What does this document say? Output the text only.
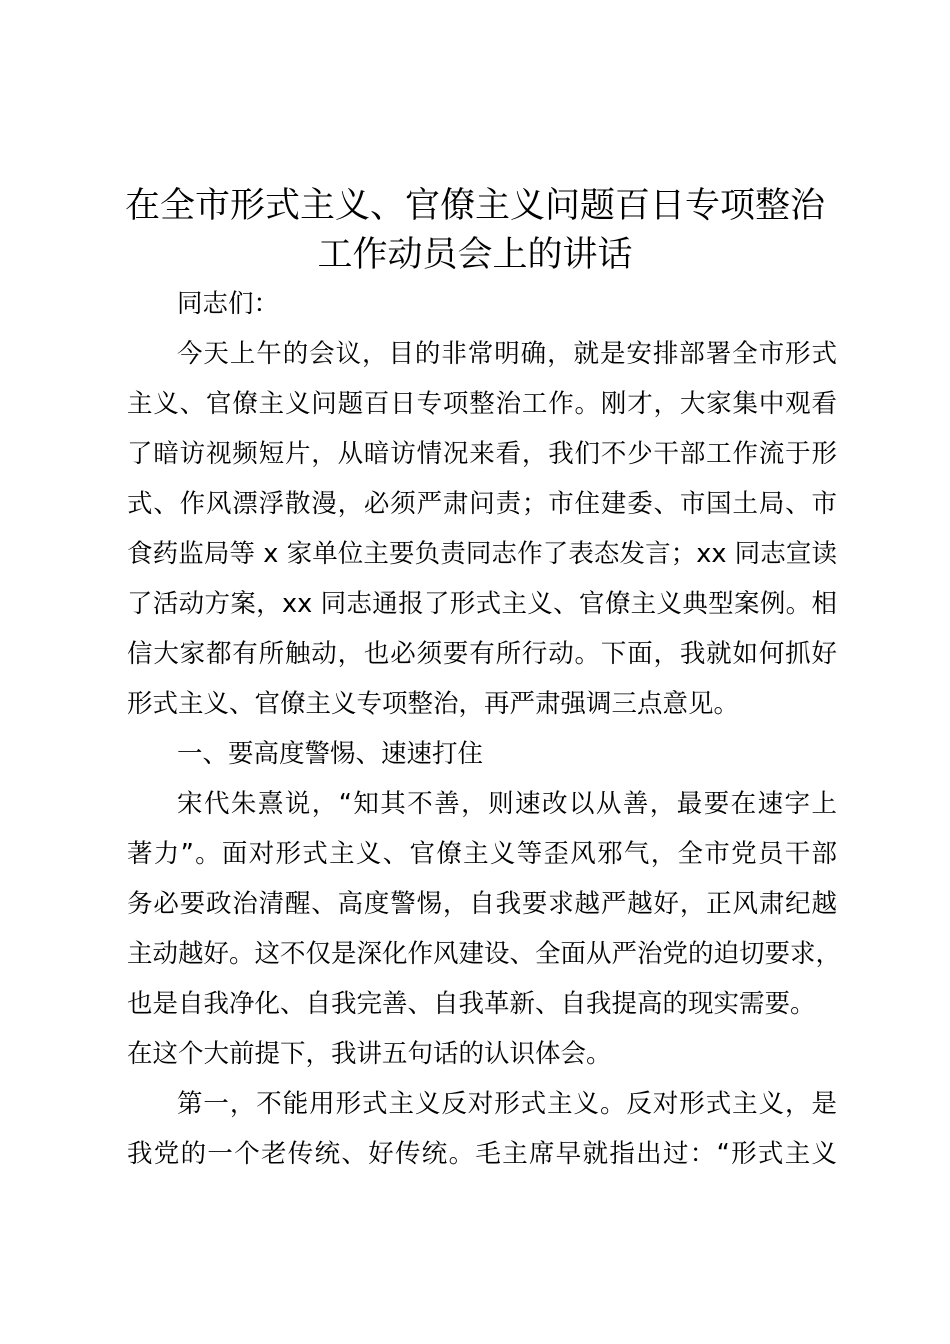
在全市形式主义、官僚主义问题百日专项整治
工作动员会上的讲话

同志们：

今天上午的会议，目的非常明确，就是安排部署全市形式

主义、官僚主义问题百日专项整治工作。刚才，大家集中观看

了暗访视频短片，从暗访情况来看，我们不少干部工作流于形

式、作风漂浮散漫，必须严肃问责；市住建委、市国土局、市

食药监局等 x 家单位主要负责同志作了表态发言；xx 同志宣读

了活动方案，xx 同志通报了形式主义、官僚主义典型案例。相

信大家都有所触动，也必须要有所行动。下面，我就如何抓好

形式主义、官僚主义专项整治，再严肃强调三点意见。

一、要高度警惕、速速打住

宋代朱熹说，“知其不善，则速改以从善，最要在速字上

著力”。面对形式主义、官僚主义等歪风邪气，全市党员干部

务必要政治清醒、高度警惕，自我要求越严越好，正风肃纪越

主动越好。这不仅是深化作风建设、全面从严治党的迫切要求，

也是自我净化、自我完善、自我革新、自我提高的现实需要。

在这个大前提下，我讲五句话的认识体会。

第一，不能用形式主义反对形式主义。反对形式主义，是

我党的一个老传统、好传统。毛主席早就指出过：“形式主义
